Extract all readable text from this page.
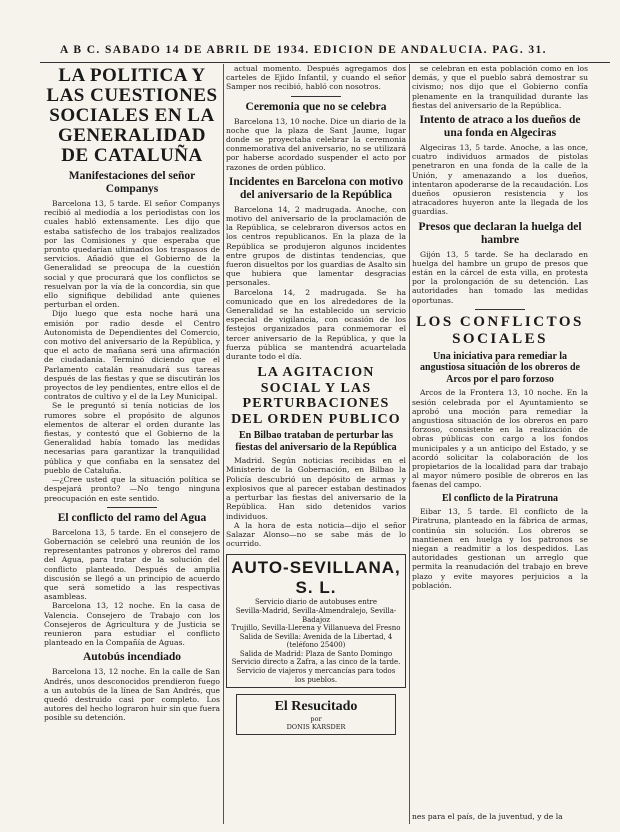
A B C. SABADO 14 DE ABRIL DE 1934. EDICION DE ANDALUCIA. PAG. 31.
LA POLITICA Y LAS CUESTIONES SOCIALES EN LA GENERALIDAD DE CATALUÑA
Manifestaciones del señor Companys

Barcelona 13, 5 tarde. El señor Companys recibió al mediodía a los periodistas con los cuales habló extensamente. Les dijo que estaba satisfecho de los trabajos realizados por las Comisiones y que esperaba que pronto quedarían ultimados los traspasos de servicios. Añadió que el Gobierno de la Generalidad se preocupa de la cuestión social y que procurará que los conflictos se resuelvan por la vía de la concordia, sin que ello signifique debilidad ante quienes perturban el orden.

Dijo luego que esta noche hará una emisión por radio desde el Centro Autonomista de Dependientes del Comercio, con motivo del aniversario de la República, y que el acto de mañana será una afirmación de ciudadanía. Terminó diciendo que el Parlamento catalán reanudará sus tareas después de las fiestas y que se discutirán los proyectos de ley pendientes, entre ellos el de contratos de cultivo y el de la Ley Municipal.

Se le preguntó si tenía noticias de los rumores sobre el propósito de algunos elementos de alterar el orden durante las fiestas, y contestó que el Gobierno de la Generalidad había tomado las medidas necesarias para garantizar la tranquilidad pública y que confiaba en la sensatez del pueblo de Cataluña.

—¿Cree usted que la situación política se despejará pronto? —No tengo ninguna preocupación en este sentido.

El conflicto del ramo del Agua

Barcelona 13, 5 tarde. En el consejero de Gobernación se celebró una reunión de los representantes patronos y obreros del ramo del Agua, para tratar de la solución del conflicto planteado. Después de amplia discusión se llegó a un principio de acuerdo que será sometido a las respectivas asambleas.

Barcelona 13, 12 noche. En la casa de Valencia. Consejero de Trabajo con los Consejeros de Agricultura y de Justicia se reunieron para estudiar el conflicto planteado en la Compañía de Aguas.

Autobús incendiado

Barcelona 13, 12 noche. En la calle de San Andrés, unos desconocidos prendieron fuego a un autobús de la línea de San Andrés, que quedó destruido casi por completo. Los autores del hecho lograron huir sin que fuera posible su detención.

actual momento. Después agregamos dos carteles de Ejido Infantil, y cuando el señor Samper nos recibió, habló con nosotros.

Ceremonia que no se celebra

Barcelona 13, 10 noche. Dice un diario de la noche que la plaza de Sant Jaume, lugar donde se proyectaba celebrar la ceremonia conmemorativa del aniversario, no se utilizará por haberse acordado suspender el acto por razones de orden público.

Incidentes en Barcelona con motivo del aniversario de la República

Barcelona 14, 2 madrugada. Anoche, con motivo del aniversario de la proclamación de la República, se celebraron diversos actos en los centros republicanos. En la plaza de la República se produjeron algunos incidentes entre grupos de distintas tendencias, que fueron disueltos por los guardias de Asalto sin que hubiera que lamentar desgracias personales.

Barcelona 14, 2 madrugada. Se ha comunicado que en los alrededores de la Generalidad se ha establecido un servicio especial de vigilancia, con ocasión de los festejos organizados para conmemorar el tercer aniversario de la República, y que la fuerza pública se mantendrá acuartelada durante todo el día.

LA AGITACION SOCIAL Y LAS PERTURBACIONES DEL ORDEN PUBLICO
En Bilbao trataban de perturbar las fiestas del aniversario de la República

Madrid. Según noticias recibidas en el Ministerio de la Gobernación, en Bilbao la Policía descubrió un depósito de armas y explosivos que al parecer estaban destinados a perturbar las fiestas del aniversario de la República. Han sido detenidos varios individuos.

A la hora de esta noticia—dijo el señor Salazar Alonso—no se sabe más de lo ocurrido.

AUTO-SEVILLANA, S. L.

Servicio diario de autobuses entre

Sevilla-Madrid, Sevilla-Almendralejo, Sevilla-Badajoz

Trujillo, Sevilla-Llerena y Villanueva del Fresno

Salida de Sevilla: Avenida de la Libertad, 4 (teléfono 25400)

Salida de Madrid: Plaza de Santo Domingo

Servicio directo a Zafra, a las cinco de la tarde.

Servicio de viajeros y mercancías para todos los pueblos.

El Resucitado
por
DONIS KARSDER

se celebran en esta población como en los demás, y que el pueblo sabrá demostrar su civismo; nos dijo que el Gobierno confía plenamente en la tranquilidad durante las fiestas del aniversario de la República.

Intento de atraco a los dueños de una fonda en Algeciras

Algeciras 13, 5 tarde. Anoche, a las once, cuatro individuos armados de pistolas penetraron en una fonda de la calle de la Unión, y amenazando a los dueños, intentaron apoderarse de la recaudación. Los dueños opusieron resistencia y los atracadores huyeron ante la llegada de los guardias.

Presos que declaran la huelga del hambre

Gijón 13, 5 tarde. Se ha declarado en huelga del hambre un grupo de presos que están en la cárcel de esta villa, en protesta por la prolongación de su detención. Las autoridades han tomado las medidas oportunas.

LOS CONFLICTOS SOCIALES
Una iniciativa para remediar la angustiosa situación de los obreros de Arcos por el paro forzoso

Arcos de la Frontera 13, 10 noche. En la sesión celebrada por el Ayuntamiento se aprobó una moción para remediar la angustiosa situación de los obreros en paro forzoso, consistente en la realización de obras públicas con cargo a los fondos municipales y a un anticipo del Estado, y se acordó solicitar la colaboración de los propietarios de la localidad para dar trabajo al mayor número posible de obreros en las faenas del campo.

El conflicto de la Piratruna

Eibar 13, 5 tarde. El conflicto de la Piratruna, planteado en la fábrica de armas, continúa sin solución. Los obreros se mantienen en huelga y los patronos se niegan a readmitir a los despedidos. Las autoridades gestionan un arreglo que permita la reanudación del trabajo en breve plazo y evite mayores perjuicios a la población.

nes para el país, de la juventud, y de la
